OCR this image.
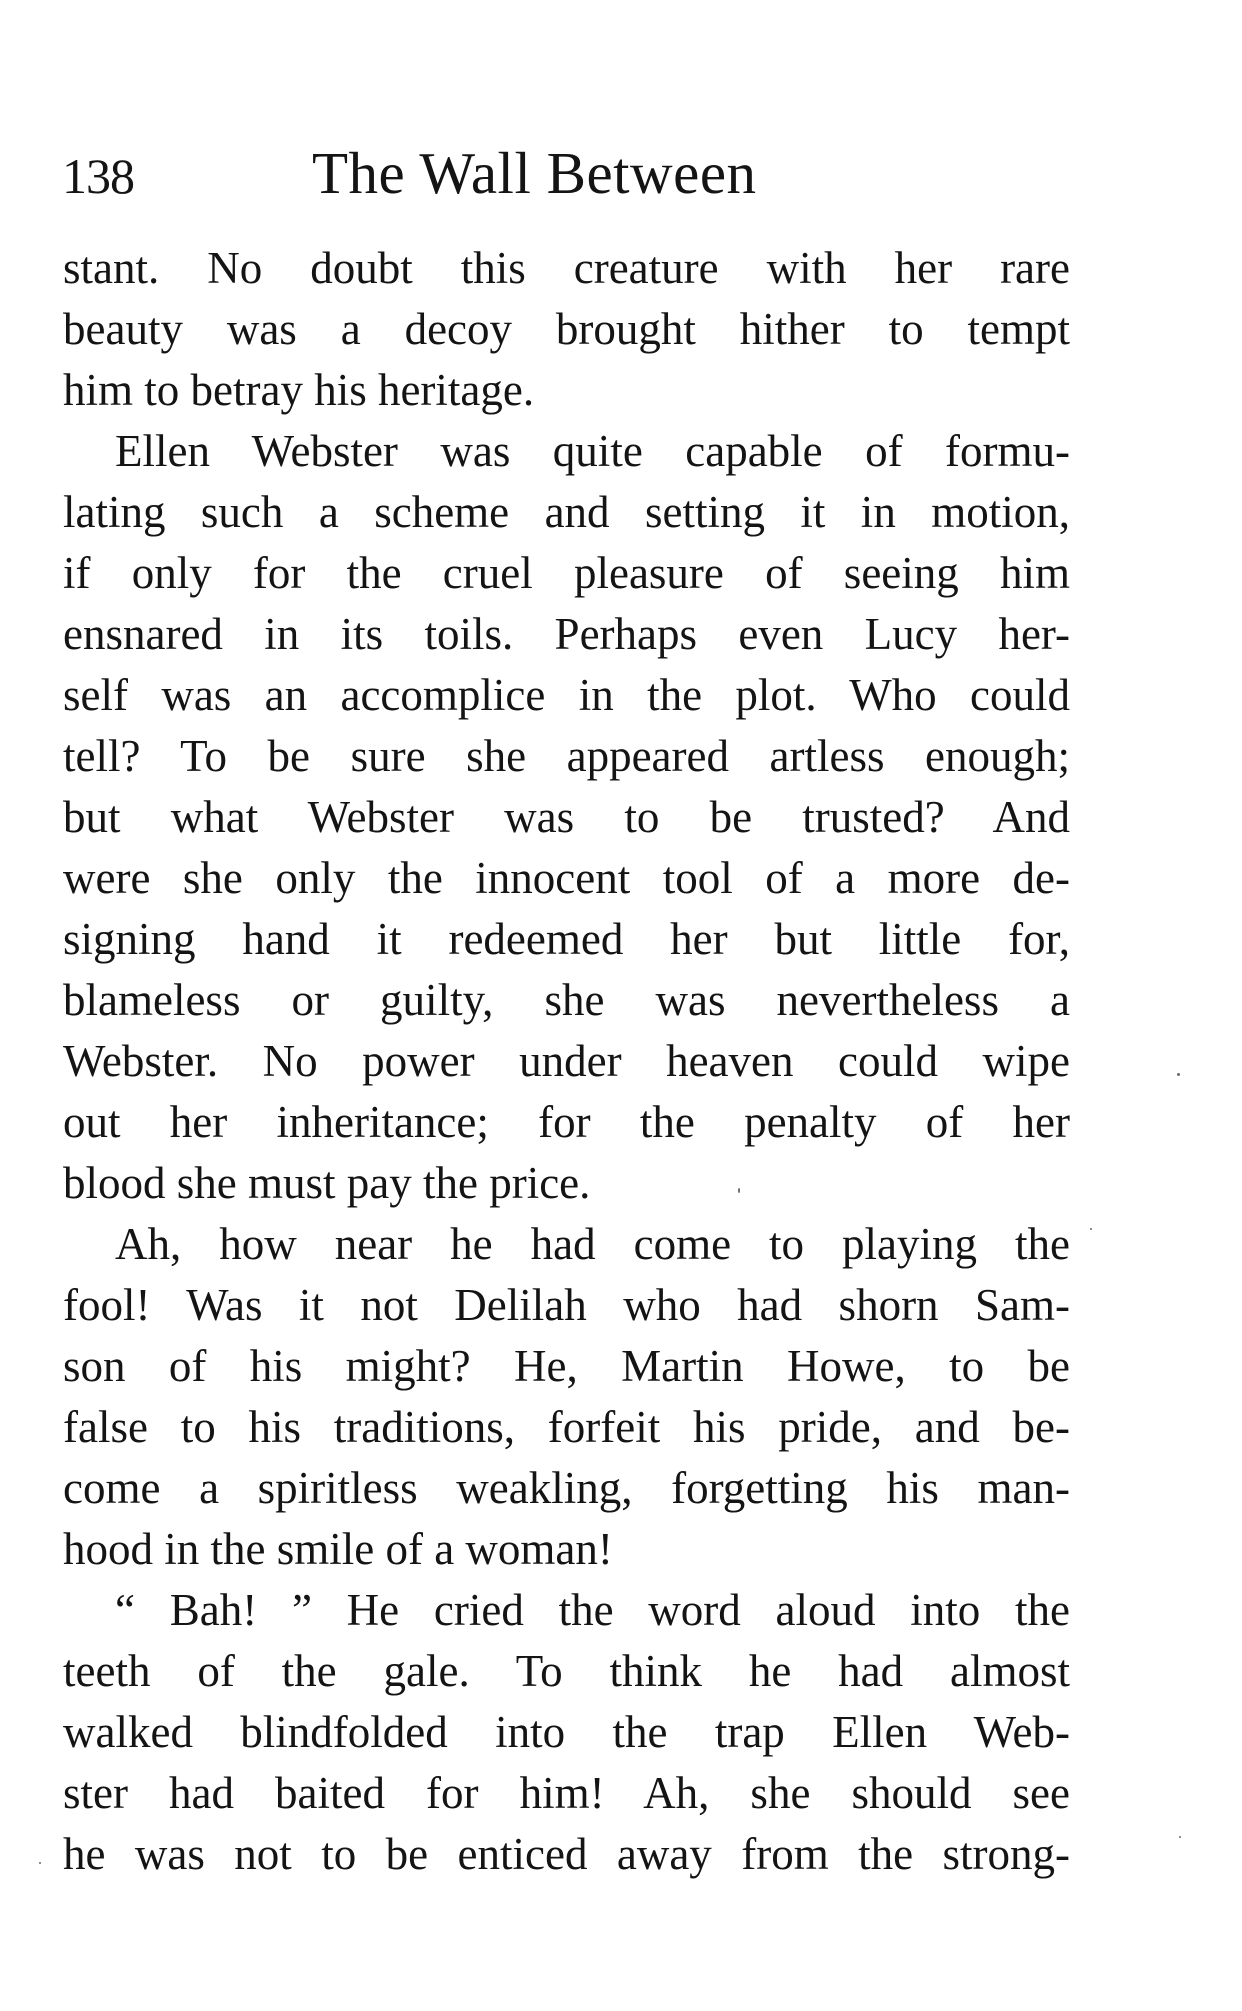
138	The Wall Between
stant. No doubt this creature with her rare
beauty was a decoy brought hither to tempt
him to betray his heritage.
Ellen Webster was quite capable of formu-
lating such a scheme and setting it in motion,
if only for the cruel pleasure of seeing him
ensnared in its toils. Perhaps even Lucy her-
self was an accomplice in the plot. Who could
tell? To be sure she appeared artless enough;
but what Webster was to be trusted? And
were she only the innocent tool of a more de-
signing hand it redeemed her but little for,
blameless or guilty, she was nevertheless a
Webster. No power under heaven could wipe
out her inheritance; for the penalty of her
blood she must pay the price.
Ah, how near he had come to playing the
fool! Was it not Delilah who had shorn Sam-
son of his might? He, Martin Howe, to be
false to his traditions, forfeit his pride, and be-
come a spiritless weakling, forgetting his man-
hood in the smile of a woman!
“ Bah! ” He cried the word aloud into the
teeth of the gale. To think he had almost
walked blindfolded into the trap Ellen Web-
ster had baited for him! Ah, she should see
he was not to be enticed away from the strong-
